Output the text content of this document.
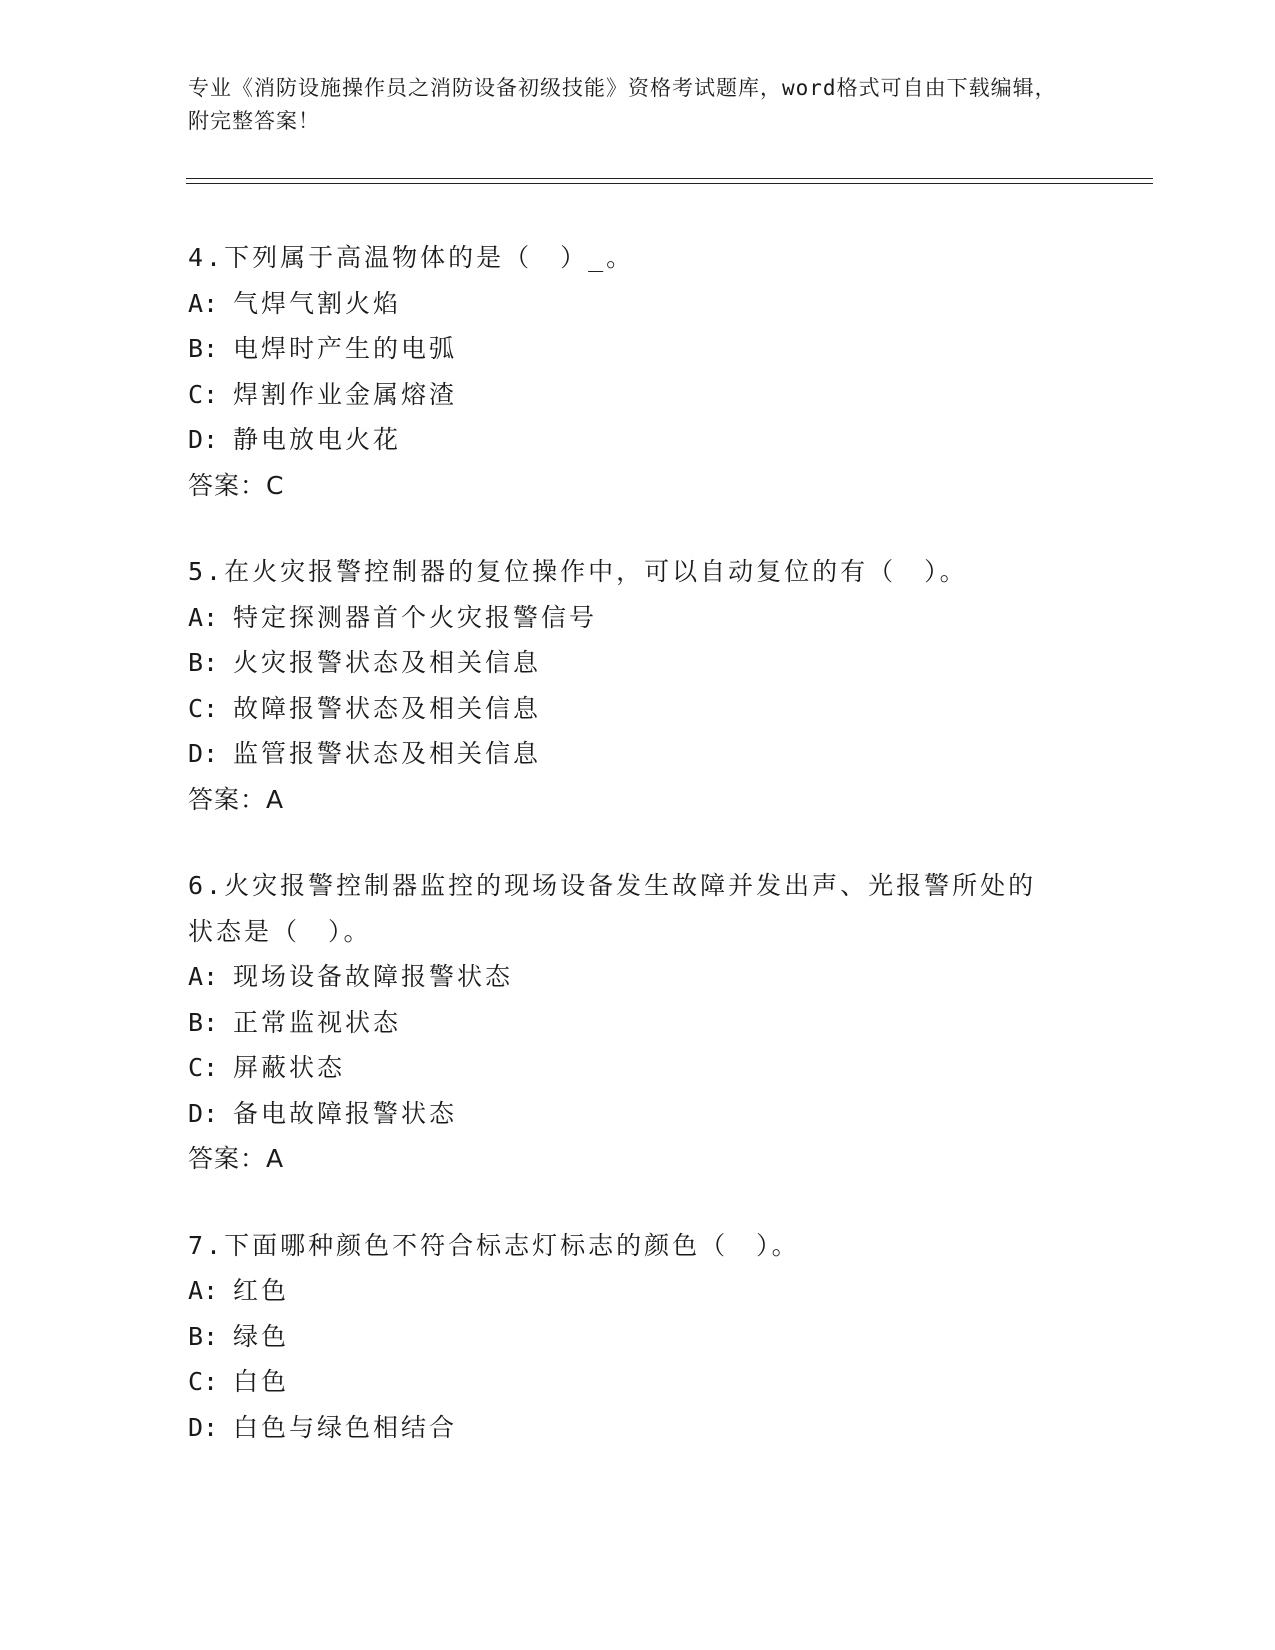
专业《消防设施操作员之消防设备初级技能》资格考试题库，word格式可自由下载编辑，附完整答案！

4.下列属于高温物体的是（　）_。

A: 气焊气割火焰
B: 电焊时产生的电弧
C: 焊割作业金属熔渣
D: 静电放电火花

答案：C

5.在火灾报警控制器的复位操作中，可以自动复位的有（　）。

A: 特定探测器首个火灾报警信号
B: 火灾报警状态及相关信息
C: 故障报警状态及相关信息
D: 监管报警状态及相关信息

答案：A

6.火灾报警控制器监控的现场设备发生故障并发出声、光报警所处的状态是（　）。

A: 现场设备故障报警状态
B: 正常监视状态
C: 屏蔽状态
D: 备电故障报警状态

答案：A

7.下面哪种颜色不符合标志灯标志的颜色（　）。

A: 红色
B: 绿色
C: 白色
D: 白色与绿色相结合
